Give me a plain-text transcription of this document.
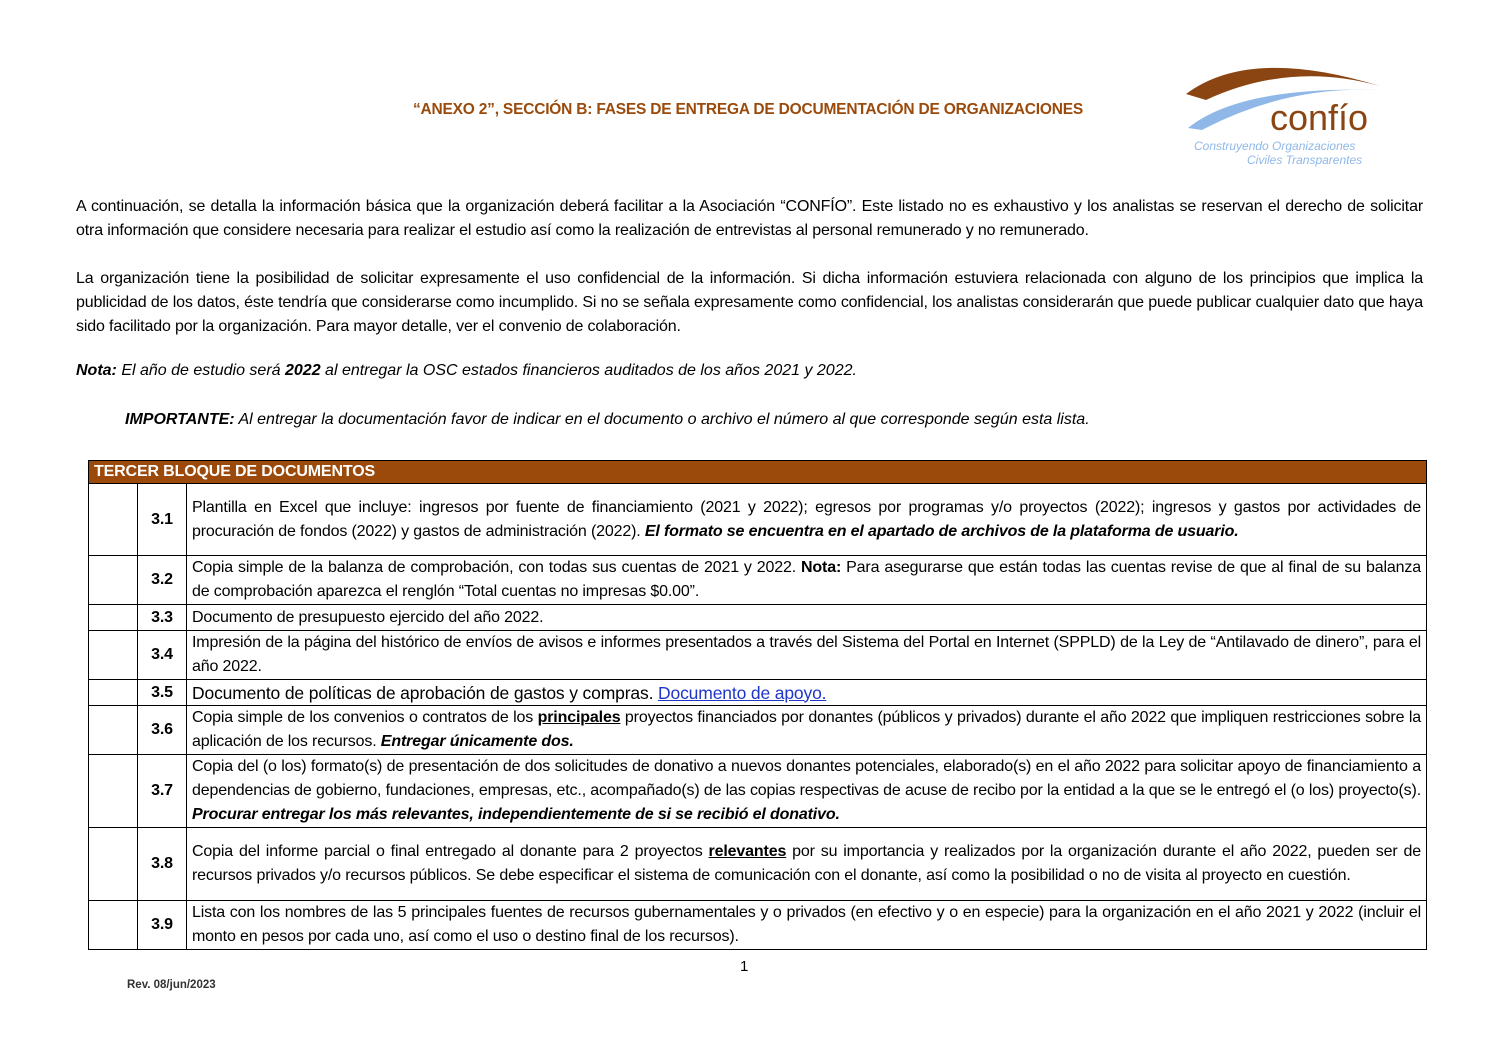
“ANEXO 2”, SECCIÓN B: FASES DE ENTREGA DE DOCUMENTACIÓN DE ORGANIZACIONES	confío
Construyendo Organizaciones
Civiles Transparentes
A continuación, se detalla la información básica que la organización deberá facilitar a la Asociación “CONFÍO”. Este listado no es exhaustivo y los analistas se reservan el derecho de solicitar otra información que considere necesaria para realizar el estudio así como la realización de entrevistas al personal remunerado y no remunerado.
La organización tiene la posibilidad de solicitar expresamente el uso confidencial de la información. Si dicha información estuviera relacionada con alguno de los principios que implica la publicidad de los datos, éste tendría que considerarse como incumplido. Si no se señala expresamente como confidencial, los analistas considerarán que puede publicar cualquier dato que haya sido facilitado por la organización. Para mayor detalle, ver el convenio de colaboración.
Nota: El año de estudio será 2022 al entregar la OSC estados financieros auditados de los años 2021 y 2022.
IMPORTANTE: Al entregar la documentación favor de indicar en el documento o archivo el número al que corresponde según esta lista.
TERCER BLOQUE DE DOCUMENTOS		
	3.1	Plantilla en Excel que incluye: ingresos por fuente de financiamiento (2021 y 2022); egresos por programas y/o proyectos (2022); ingresos y gastos por actividades de procuración de fondos (2022) y gastos de administración (2022). El formato se encuentra en el apartado de archivos de la plataforma de usuario.
	3.2	Copia simple de la balanza de comprobación, con todas sus cuentas de 2021 y 2022. Nota: Para asegurarse que están todas las cuentas revise de que al final de su balanza de comprobación aparezca el renglón “Total cuentas no impresas $0.00”.
	3.3	Documento de presupuesto ejercido del año 2022.
	3.4	Impresión de la página del histórico de envíos de avisos e informes presentados a través del Sistema del Portal en Internet (SPPLD) de la Ley de “Antilavado de dinero”, para el año 2022.
	3.5	Documento de políticas de aprobación de gastos y compras. Documento de apoyo.
	3.6	Copia simple de los convenios o contratos de los principales proyectos financiados por donantes (públicos y privados) durante el año 2022 que impliquen restricciones sobre la aplicación de los recursos. Entregar únicamente dos.
	3.7	Copia del (o los) formato(s) de presentación de dos solicitudes de donativo a nuevos donantes potenciales, elaborado(s) en el año 2022 para solicitar apoyo de financiamiento a dependencias de gobierno, fundaciones, empresas, etc., acompañado(s) de las copias respectivas de acuse de recibo por la entidad a la que se le entregó el (o los) proyecto(s). Procurar entregar los más relevantes, independientemente de si se recibió el donativo.
	3.8	Copia del informe parcial o final entregado al donante para 2 proyectos relevantes por su importancia y realizados por la organización durante el año 2022, pueden ser de recursos privados y/o recursos públicos. Se debe especificar el sistema de comunicación con el donante, así como la posibilidad o no de visita al proyecto en cuestión.
	3.9	Lista con los nombres de las 5 principales fuentes de recursos gubernamentales y o privados (en efectivo y o en especie) para la organización en el año 2021 y 2022 (incluir el monto en pesos por cada uno, así como el uso o destino final de los recursos).
1
Rev. 08/jun/2023
